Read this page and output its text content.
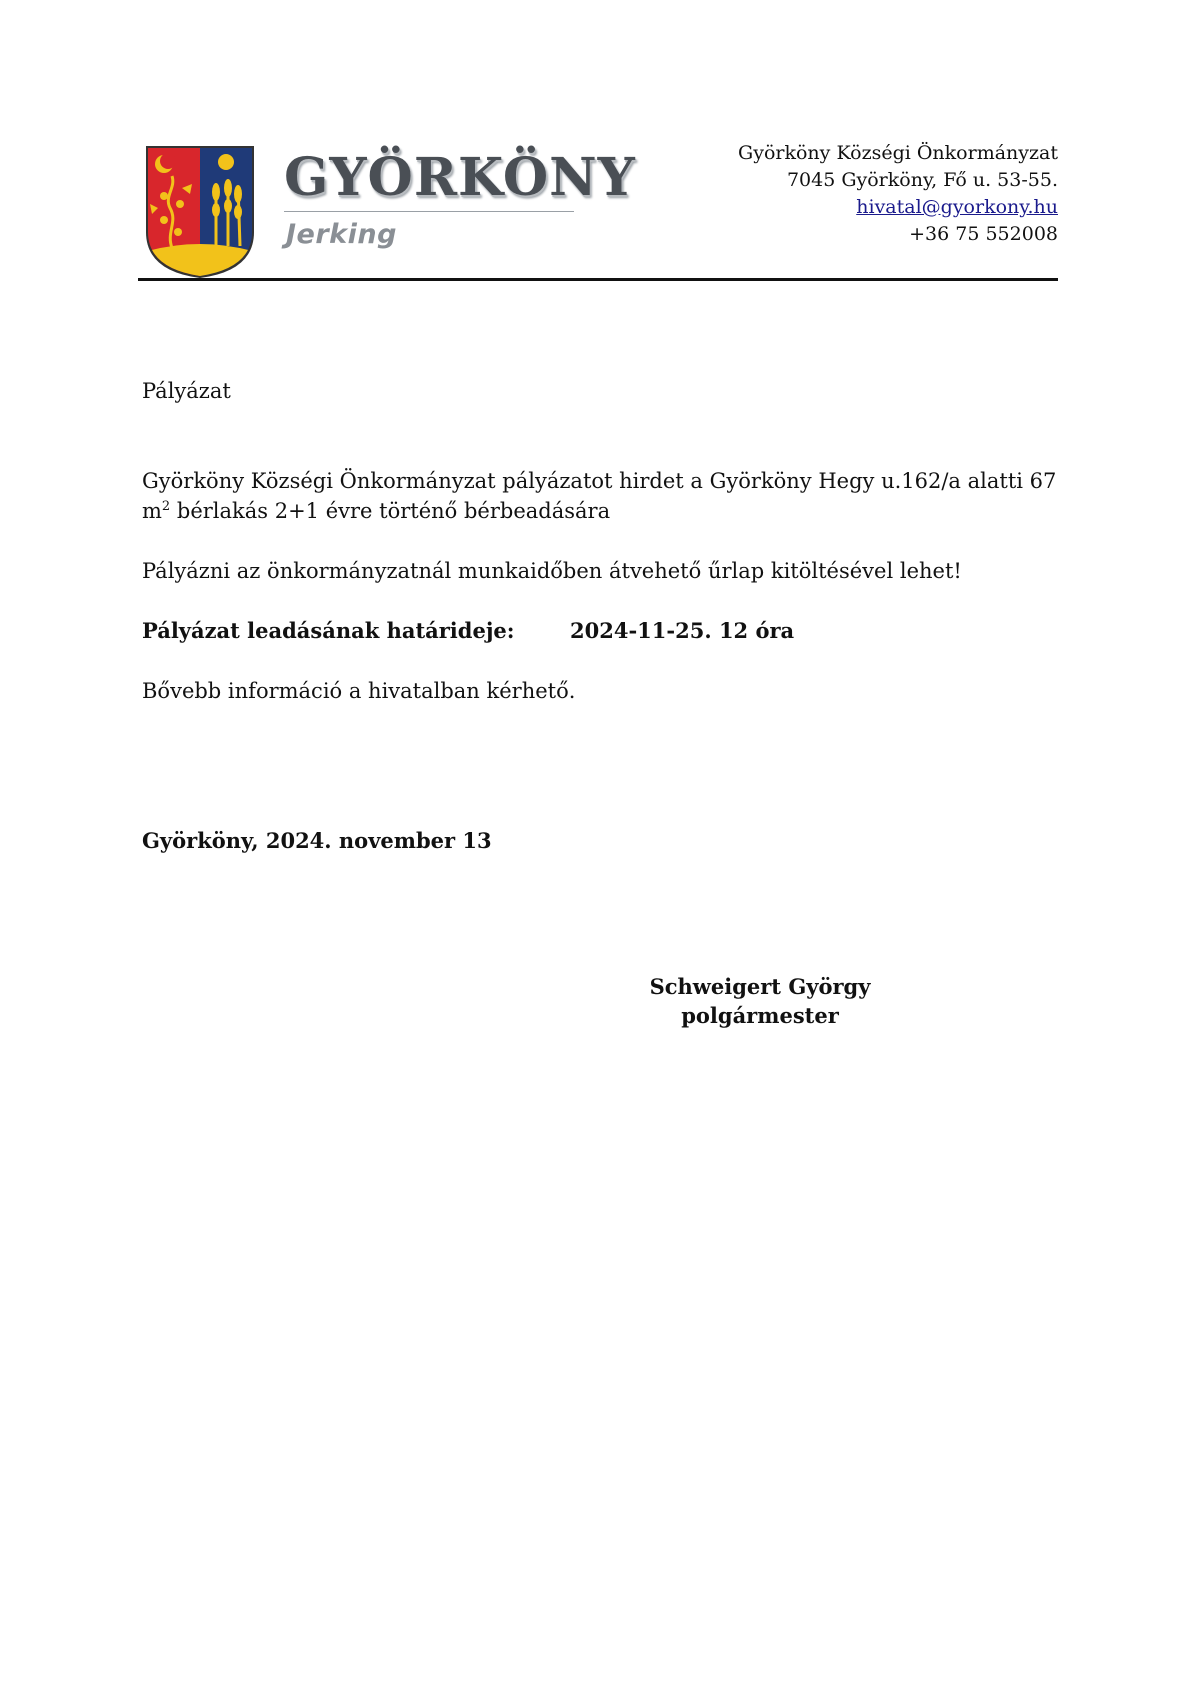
GYÖRKÖNY
Jerking
Györköny Községi Önkormányzat
7045 Györköny, Fő u. 53-55.
hivatal@gyorkony.hu
+36 75 552008
Pályázat
Györköny Községi Önkormányzat pályázatot hirdet a Györköny Hegy u.162/a alatti 67 $m^2$ bérlakás 2+1 évre történő bérbeadására
Pályázni az önkormányzatnál munkaidőben átvehető űrlap kitöltésével lehet!
Pályázat leadásának határideje:	2024-11-25. 12 óra
Bővebb információ a hivatalban kérhető.
Györköny, 2024. november 13
Schweigert György
polgármester
